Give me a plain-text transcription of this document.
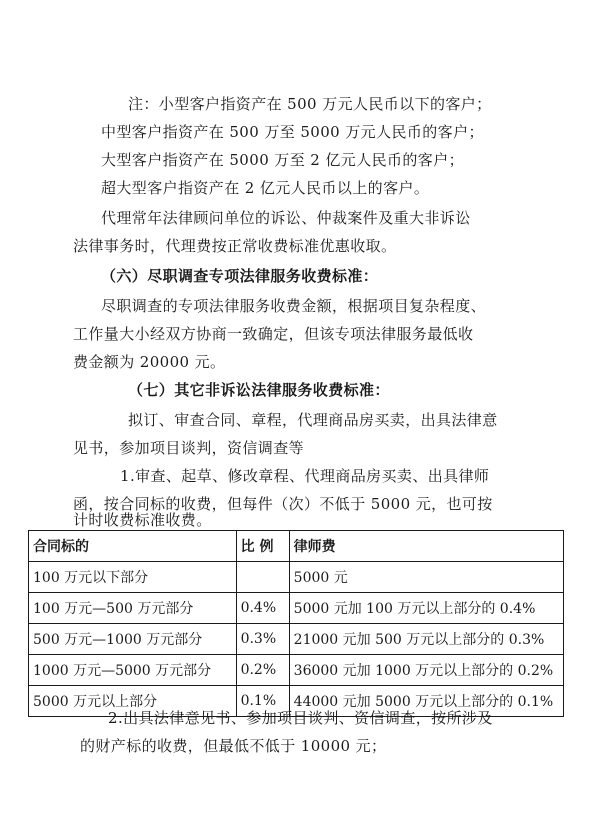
注：小型客户指资产在 500 万元人民币以下的客户；
中型客户指资产在 500 万至 5000 万元人民币的客户；
大型客户指资产在 5000 万至 2 亿元人民币的客户；
超大型客户指资产在 2 亿元人民币以上的客户。
代理常年法律顾问单位的诉讼、仲裁案件及重大非诉讼
法律事务时，代理费按正常收费标准优惠收取。
（六）尽职调查专项法律服务收费标准：
尽职调查的专项法律服务收费金额，根据项目复杂程度、
工作量大小经双方协商一致确定，但该专项法律服务最低收
费金额为 20000 元。
（七）其它非诉讼法律服务收费标准：
拟订、审查合同、章程，代理商品房买卖，出具法律意
见书，参加项目谈判，资信调查等
1.审查、起草、修改章程、代理商品房买卖、出具律师
函，按合同标的收费，但每件（次）不低于 5000 元，也可按
计时收费标准收费。
合同标的	比 例	律师费
100 万元以下部分		5000 元
100 万元—500 万元部分	0.4%	5000 元加 100 万元以上部分的 0.4%
500 万元—1000 万元部分	0.3%	21000 元加 500 万元以上部分的 0.3%
1000 万元—5000 万元部分	0.2%	36000 元加 1000 万元以上部分的 0.2%
5000 万元以上部分	0.1%	44000 元加 5000 万元以上部分的 0.1%
2.出具法律意见书、参加项目谈判、资信调查，按所涉及
的财产标的收费，但最低不低于 10000 元；
